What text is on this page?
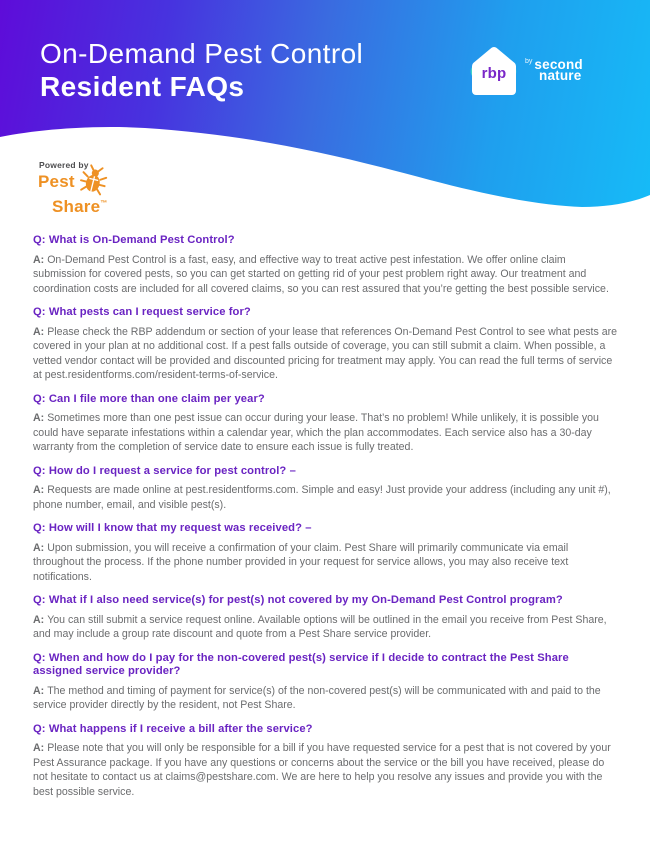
On-Demand Pest Control
Resident FAQs	rbp
$^{by}$ second
nature
Powered by
Pest
Share™
Q: What is On-Demand Pest Control?

A: On-Demand Pest Control is a fast, easy, and effective way to treat active pest infestation. We offer online claim submission for covered pests, so you can get started on getting rid of your pest problem right away. Our treatment and coordination costs are included for all covered claims, so you can rest assured that you’re getting the best possible service.

Q: What pests can I request service for?

A: Please check the RBP addendum or section of your lease that references On-Demand Pest Control to see what pests are covered in your plan at no additional cost. If a pest falls outside of coverage, you can still submit a claim. When possible, a vetted vendor contact will be provided and discounted pricing for treatment may apply. You can read the full terms of service at pest.residentforms.com/resident-terms-of-service.

Q: Can I file more than one claim per year?

A: Sometimes more than one pest issue can occur during your lease. That’s no problem! While unlikely, it is possible you could have separate infestations within a calendar year, which the plan accommodates. Each service also has a 30-day warranty from the completion of service date to ensure each issue is fully treated.

Q: How do I request a service for pest control? –

A: Requests are made online at pest.residentforms.com. Simple and easy! Just provide your address (including any unit #), phone number, email, and visible pest(s).

Q: How will I know that my request was received? –

A: Upon submission, you will receive a confirmation of your claim. Pest Share will primarily communicate via email throughout the process. If the phone number provided in your request for service allows, you may also receive text notifications.

Q: What if I also need service(s) for pest(s) not covered by my On-Demand Pest Control program?

A: You can still submit a service request online. Available options will be outlined in the email you receive from Pest Share, and may include a group rate discount and quote from a Pest Share service provider.

Q: When and how do I pay for the non-covered pest(s) service if I decide to contract the Pest Share assigned service provider?

A: The method and timing of payment for service(s) of the non-covered pest(s) will be communicated with and paid to the service provider directly by the resident, not Pest Share.

Q: What happens if I receive a bill after the service?

A: Please note that you will only be responsible for a bill if you have requested service for a pest that is not covered by your Pest Assurance package. If you have any questions or concerns about the service or the bill you have received, please do not hesitate to contact us at claims@pestshare.com. We are here to help you resolve any issues and provide you with the best possible service.
